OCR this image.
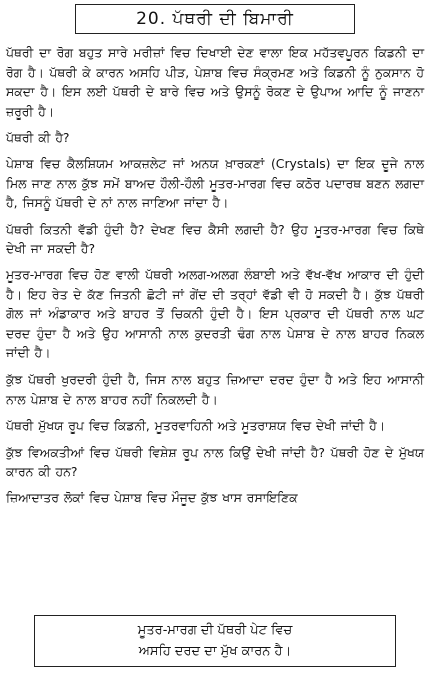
20. ਪੱਥਰੀ ਦੀ ਬਿਮਾਰੀ

ਪੱਥਰੀ ਦਾ ਰੋਗ ਬਹੁਤ ਸਾਰੇ ਮਰੀਜ਼ਾਂ ਵਿਚ ਦਿਖਾਈ ਦੇਣ ਵਾਲਾ ਇਕ ਮਹੱਤਵਪੂਰਨ ਕਿਡਨੀ ਦਾ ਰੋਗ ਹੈ। ਪੱਥਰੀ ਕੇ ਕਾਰਨ ਅਸਹਿ ਪੀੜ, ਪੇਸ਼ਾਬ ਵਿਚ ਸੰਕ੍ਰਮਣ ਅਤੇ ਕਿਡਨੀ ਨੂੰ ਨੁਕਸਾਨ ਹੋ ਸਕਦਾ ਹੈ। ਇਸ ਲਈ ਪੱਥਰੀ ਦੇ ਬਾਰੇ ਵਿਚ ਅਤੇ ਉਸਨੂੰ ਰੋਕਣ ਦੇ ਉਪਾਅ ਆਦਿ ਨੂੰ ਜਾਣਨਾ ਜ਼ਰੂਰੀ ਹੈ।

ਪੱਥਰੀ ਕੀ ਹੈ?

ਪੇਸ਼ਾਬ ਵਿਚ ਕੈਲਸ਼ਿਯਮ ਆਕਜ਼ਲੇਟ ਜਾਂ ਅਨਯ ਖ਼ਾਰਕਣਾਂ (Crystals) ਦਾ ਇਕ ਦੂਜੇ ਨਾਲ ਮਿਲ ਜਾਣ ਨਾਲ ਕੁੱਝ ਸਮੇਂ ਬਾਅਦ ਹੌਲੀ-ਹੌਲੀ ਮੂਤਰ-ਮਾਰਗ ਵਿਚ ਕਠੋਰ ਪਦਾਰਥ ਬਣਨ ਲਗਦਾ ਹੈ, ਜਿਸਨੂੰ ਪੱਥਰੀ ਦੇ ਨਾਂ ਨਾਲ ਜਾਣਿਆ ਜਾਂਦਾ ਹੈ।

ਪੱਥਰੀ ਕਿਤਨੀ ਵੱਡੀ ਹੁੰਦੀ ਹੈ? ਦੇਖਣ ਵਿਚ ਕੈਸੀ ਲਗਦੀ ਹੈ? ਉਹ ਮੂਤਰ-ਮਾਰਗ ਵਿਚ ਕਿਥੇ ਦੇਖੀ ਜਾ ਸਕਦੀ ਹੈ?

ਮੂਤਰ-ਮਾਰਗ ਵਿਚ ਹੋਣ ਵਾਲੀ ਪੱਥਰੀ ਅਲਗ-ਅਲਗ ਲੰਬਾਈ ਅਤੇ ਵੱਖ-ਵੱਖ ਆਕਾਰ ਦੀ ਹੁੰਦੀ ਹੈ। ਇਹ ਰੇਤ ਦੇ ਕੱਣ ਜਿਤਨੀ ਛੋਟੀ ਜਾਂ ਗੇਂਦ ਦੀ ਤਰ੍ਹਾਂ ਵੱਡੀ ਵੀ ਹੋ ਸਕਦੀ ਹੈ। ਕੁੱਝ ਪੱਥਰੀ ਗੋਲ ਜਾਂ ਅੰਡਾਕਾਰ ਅਤੇ ਬਾਹਰ ਤੋਂ ਚਿਕਨੀ ਹੁੰਦੀ ਹੈ। ਇਸ ਪ੍ਰਕਾਰ ਦੀ ਪੱਥਰੀ ਨਾਲ ਘਟ ਦਰਦ ਹੁੰਦਾ ਹੈ ਅਤੇ ਉਹ ਆਸਾਨੀ ਨਾਲ ਕੁਦਰਤੀ ਢੰਗ ਨਾਲ ਪੇਸ਼ਾਬ ਦੇ ਨਾਲ ਬਾਹਰ ਨਿਕਲ ਜਾਂਦੀ ਹੈ।

ਕੁੱਝ ਪੱਥਰੀ ਖੁਰਦਰੀ ਹੁੰਦੀ ਹੈ, ਜਿਸ ਨਾਲ ਬਹੁਤ ਜ਼ਿਆਦਾ ਦਰਦ ਹੁੰਦਾ ਹੈ ਅਤੇ ਇਹ ਆਸਾਨੀ ਨਾਲ ਪੇਸ਼ਾਬ ਦੇ ਨਾਲ ਬਾਹਰ ਨਹੀਂ ਨਿਕਲਦੀ ਹੈ।

ਪੱਥਰੀ ਮੁੱਖਯ ਰੂਪ ਵਿਚ ਕਿਡਨੀ, ਮੂਤਰਵਾਹਿਨੀ ਅਤੇ ਮੂਤਰਾਸ਼ਯ ਵਿਚ ਦੇਖੀ ਜਾਂਦੀ ਹੈ।

ਕੁੱਝ ਵਿਅਕਤੀਆਂ ਵਿਚ ਪੱਥਰੀ ਵਿਸ਼ੇਸ਼ ਰੂਪ ਨਾਲ ਕਿਉਂ ਦੇਖੀ ਜਾਂਦੀ ਹੈ? ਪੱਥਰੀ ਹੋਣ ਦੇ ਮੁੱਖਯ ਕਾਰਨ ਕੀ ਹਨ?

ਜ਼ਿਆਦਾਤਰ ਲੋਕਾਂ ਵਿਚ ਪੇਸ਼ਾਬ ਵਿਚ ਮੌਜੂਦ ਕੁੱਝ ਖਾਸ ਰਸਾਇਣਿਕ

ਮੂਤਰ-ਮਾਰਗ ਦੀ ਪੱਥਰੀ ਪੇਟ ਵਿਚ
ਅਸਹਿ ਦਰਦ ਦਾ ਮੁੱਖ ਕਾਰਨ ਹੈ।
